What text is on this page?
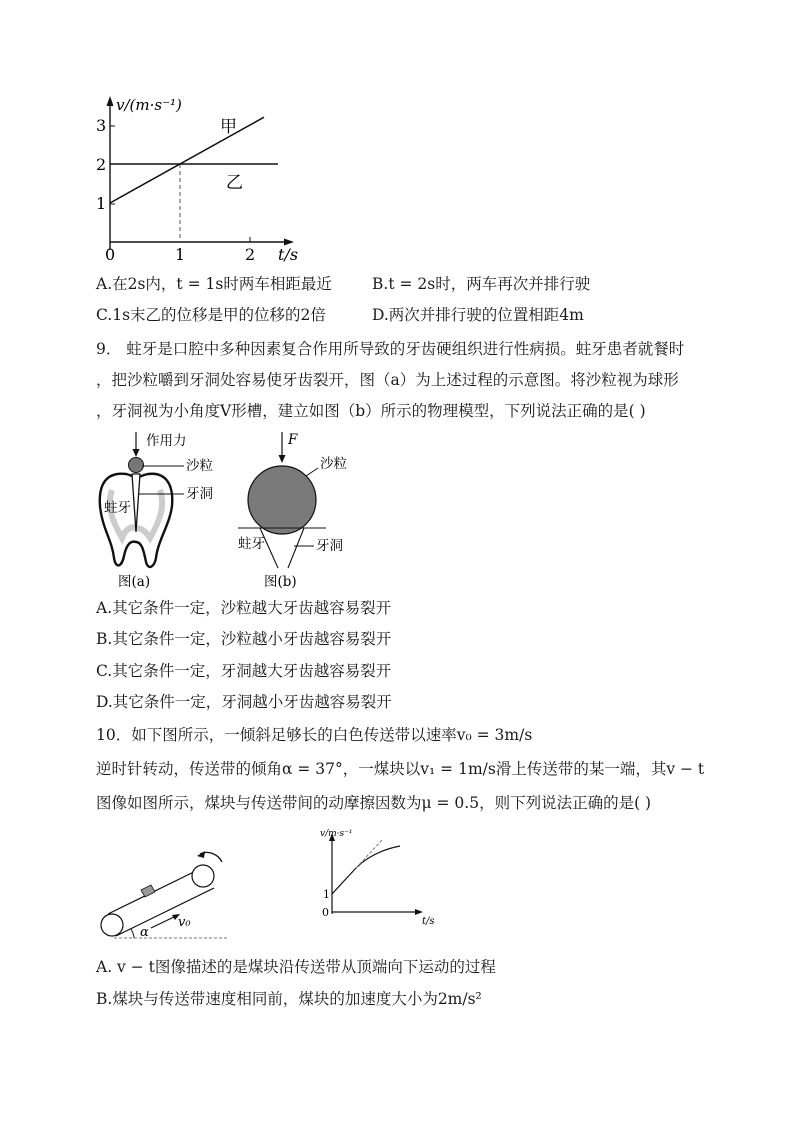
v/(m·s⁻¹)
1
2
3
0	1	2 t/s
甲
乙
A.在2s内，t = 1s时两车相距最近	B.t = 2s时，两车再次并排行驶
C.1s末乙的位移是甲的位移的2倍	D.两次并排行驶的位置相距4m
9． 蛀牙是口腔中多种因素复合作用所导致的牙齿硬组织进行性病损。蛀牙患者就餐时
，把沙粒嚼到牙洞处容易使牙齿裂开，图（a）为上述过程的示意图。将沙粒视为球形
，牙洞视为小角度V形槽，建立如图（b）所示的物理模型，下列说法正确的是( )
作用力
沙粒
牙洞
蛀牙
图(a)
F
沙粒
蛀牙	牙洞
图(b)
A.其它条件一定，沙粒越大牙齿越容易裂开
B.其它条件一定，沙粒越小牙齿越容易裂开
C.其它条件一定，牙洞越大牙齿越容易裂开
D.其它条件一定，牙洞越小牙齿越容易裂开
10．如下图所示，一倾斜足够长的白色传送带以速率v₀ = 3m/s
逆时针转动，传送带的倾角α = 37°，一煤块以v₁ = 1m/s滑上传送带的某一端，其v − t
图像如图所示，煤块与传送带间的动摩擦因数为μ = 0.5，则下列说法正确的是( )
v₀
α
v/m·s⁻¹
t/s
1
0
A. v − t图像描述的是煤块沿传送带从顶端向下运动的过程
B.煤块与传送带速度相同前，煤块的加速度大小为2m/s²
